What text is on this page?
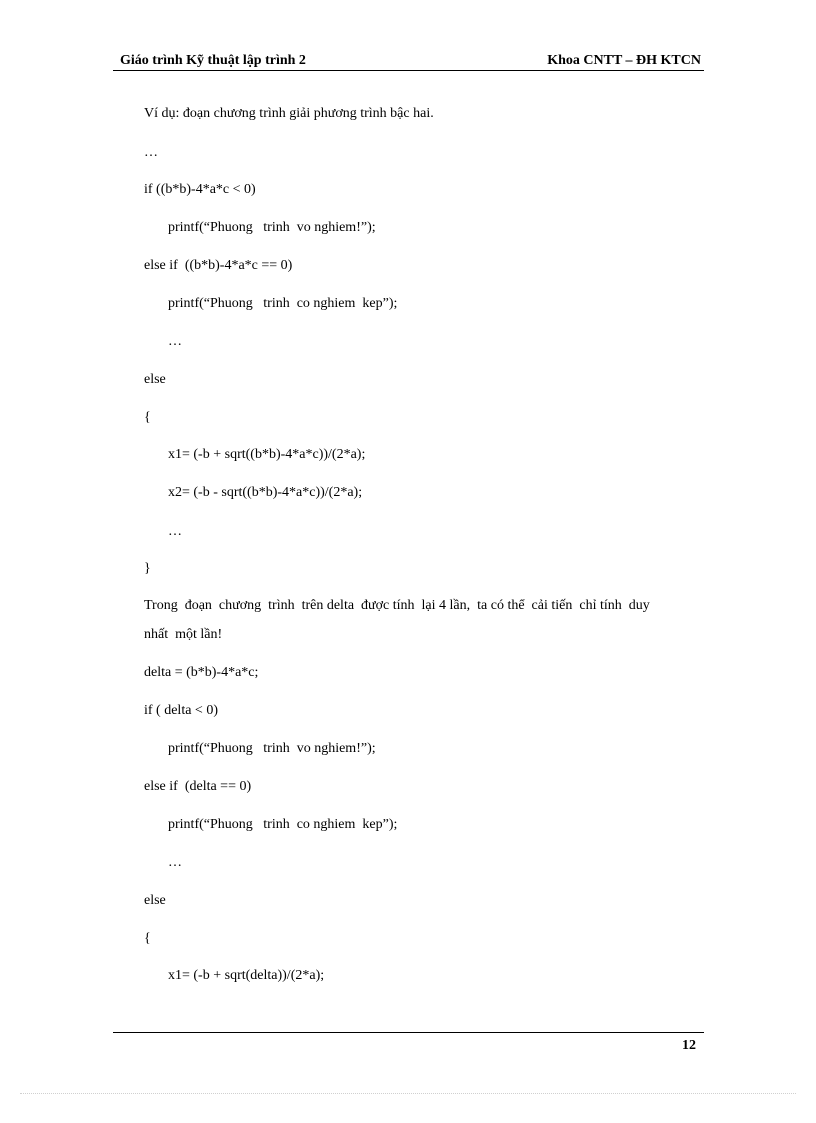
Giáo trình Kỹ thuật lập trình 2	Khoa CNTT – ĐH KTCN
Ví dụ: đoạn chương trình giải phương trình bậc hai.
…
if ((b*b)-4*a*c < 0)
printf(“Phuong   trinh  vo nghiem!”);
else if  ((b*b)-4*a*c == 0)
printf(“Phuong   trinh  co nghiem  kep”);
…
else
{
x1= (-b + sqrt((b*b)-4*a*c))/(2*a);
x2= (-b - sqrt((b*b)-4*a*c))/(2*a);
…
}
Trong  đoạn  chương  trình  trên delta  được tính  lại 4 lần,  ta có thể  cải tiến  chỉ tính  duy
nhất  một lần!
delta = (b*b)-4*a*c;
if ( delta < 0)
printf(“Phuong   trinh  vo nghiem!”);
else if  (delta == 0)
printf(“Phuong   trinh  co nghiem  kep”);
…
else
{
x1= (-b + sqrt(delta))/(2*a);
12
